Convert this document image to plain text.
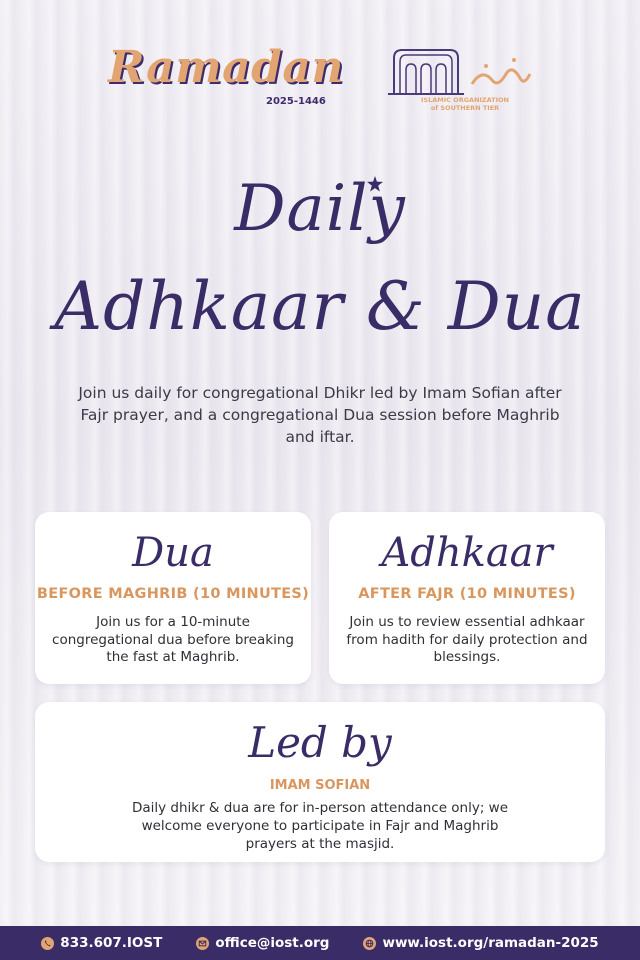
Ramadan
2025-1446	ISLAMIC ORGANIZATION
of SOUTHERN TIER
Daily
Adhkaar & Dua
Join us daily for congregational Dhikr led by Imam Sofian after Fajr prayer, and a congregational Dua session before Maghrib and iftar.
Dua
BEFORE MAGHRIB (10 MINUTES)
Join us for a 10-minute congregational dua before breaking the fast at Maghrib.
Adhkaar
AFTER FAJR (10 MINUTES)
Join us to review essential adhkaar from hadith for daily protection and blessings.
Led by
IMAM SOFIAN
Daily dhikr & dua are for in-person attendance only; we welcome everyone to participate in Fajr and Maghrib prayers at the masjid.
833.607.IOST	office@iost.org	www.iost.org/ramadan-2025
